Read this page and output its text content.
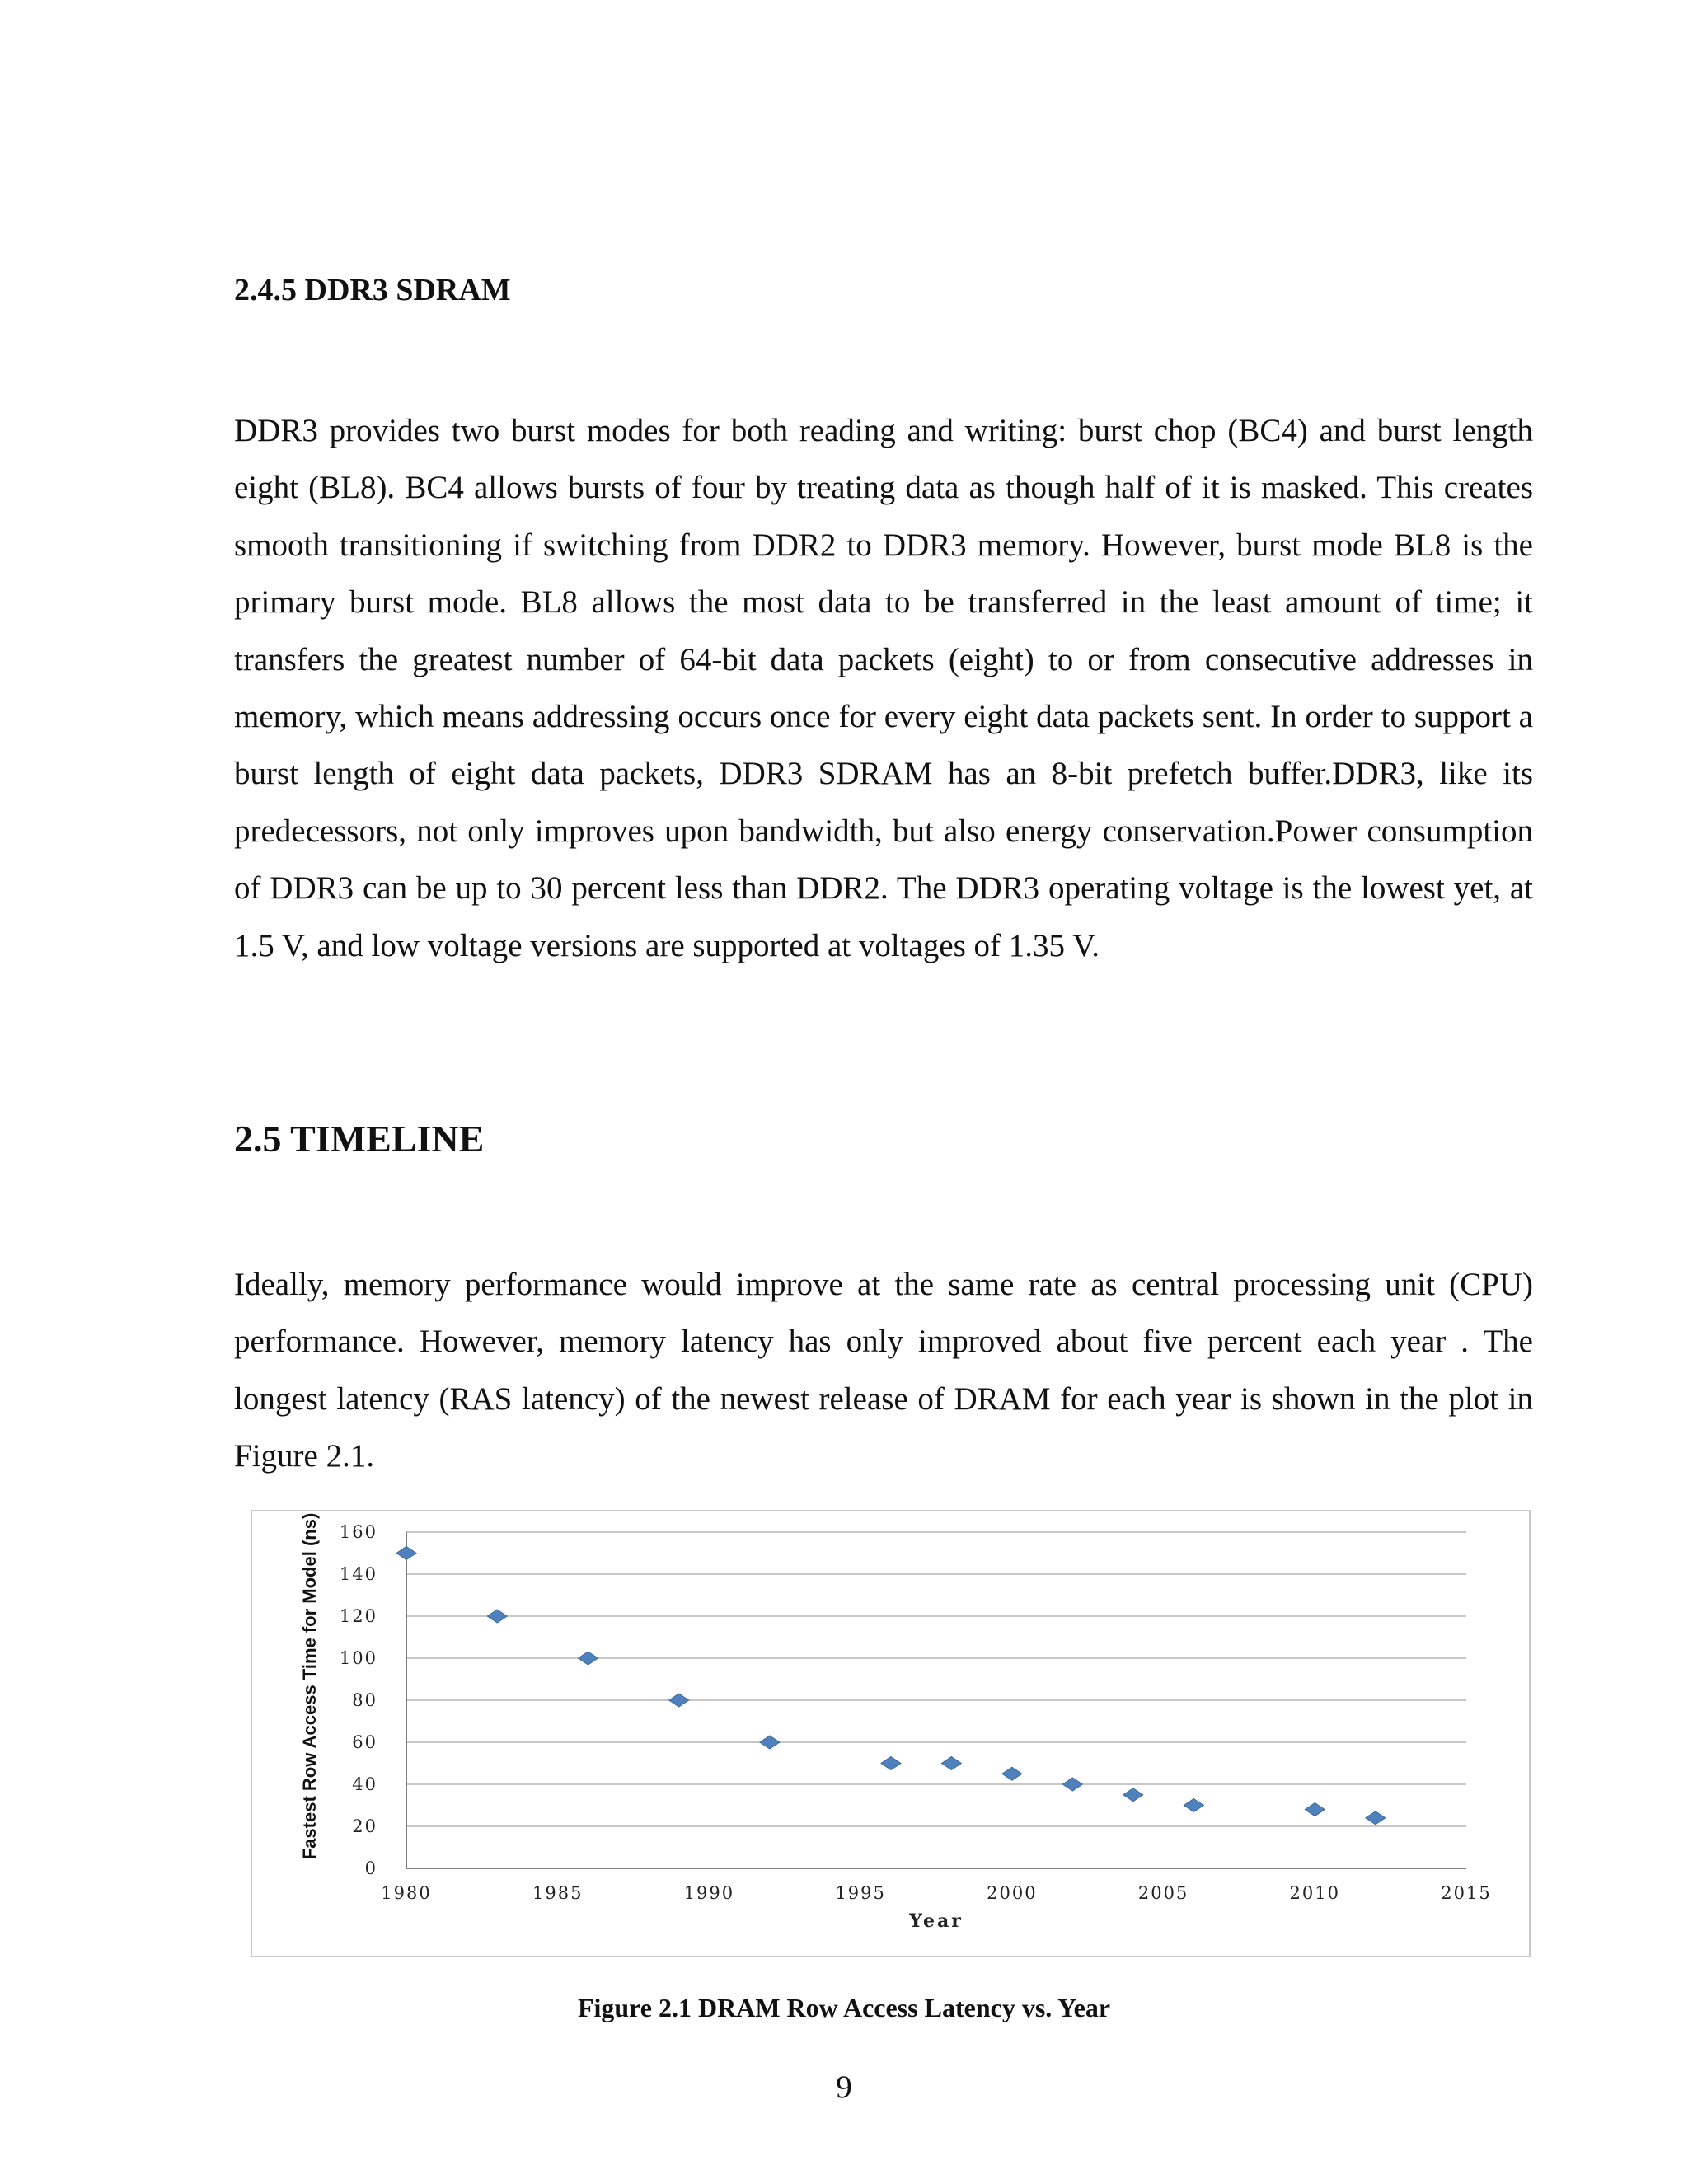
2.4.5 DDR3 SDRAM

DDR3 provides two burst modes for both reading and writing: burst chop (BC4) and burst length eight (BL8). BC4 allows bursts of four by treating data as though half of it is masked. This creates smooth transitioning if switching from DDR2 to DDR3 memory. However, burst mode BL8 is the primary burst mode. BL8 allows the most data to be transferred in the least amount of time; it transfers the greatest number of 64-bit data packets (eight) to or from consecutive addresses in memory, which means addressing occurs once for every eight data packets sent. In order to support a burst length of eight data packets, DDR3 SDRAM has an 8-bit prefetch buffer.DDR3, like its predecessors, not only improves upon bandwidth, but also energy conservation.Power consumption of DDR3 can be up to 30 percent less than DDR2. The DDR3 operating voltage is the lowest yet, at 1.5 V, and low voltage versions are supported at voltages of 1.35 V.

2.5 TIMELINE

Ideally, memory performance would improve at the same rate as central processing unit (CPU) performance. However, memory latency has only improved about five percent each year . The longest latency (RAS latency) of the newest release of DRAM for each year is shown in the plot in Figure 2.1.

0
20
40
60
80
100
120
140
160
1980	1985	1990	1995	2000	2005	2010	2015
Year
Fastest Row Access Time for Model (ns)

Figure 2.1 DRAM Row Access Latency vs. Year

9
